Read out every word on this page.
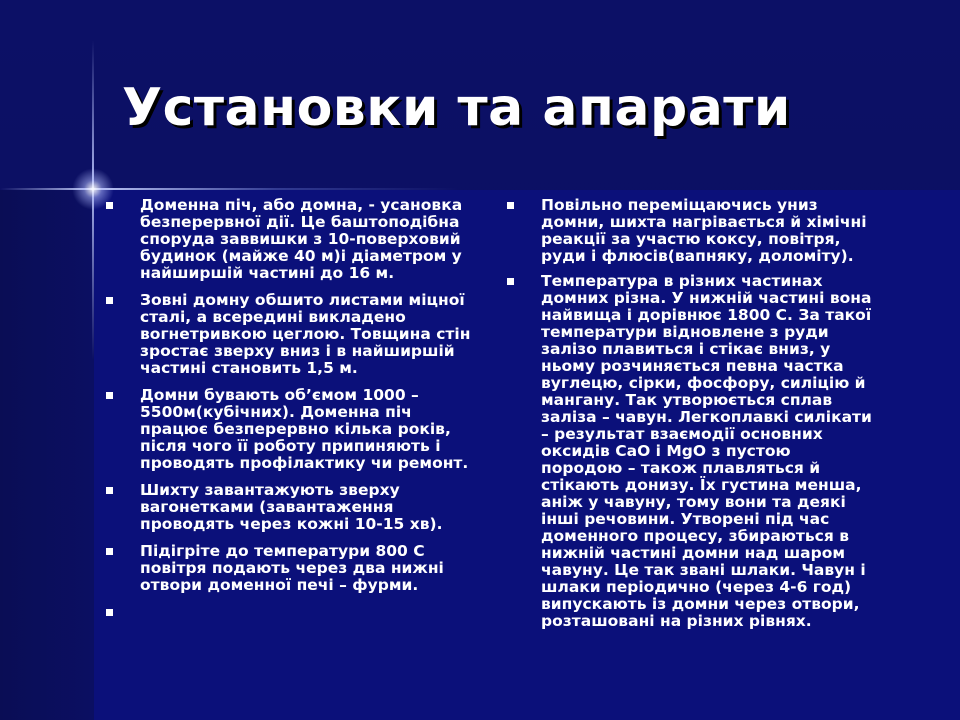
Установки та апарати
Доменна піч, або домна, - усановка безперервної дії. Це баштоподібна споруда заввишки з 10-поверховий будинок (майже 40 м)і діаметром у найширшій частині до 16 м.
Зовні домну обшито листами міцної сталі, а всередині викладено вогнетривкою цеглою. Товщина стін зростає зверху вниз і в найширшій частині становить 1,5 м.
Домни бувають об’ємом 1000 – 5500м(кубічних). Доменна піч працює безперервно кілька років, після чого її роботу припиняють і проводять профілактику чи ремонт.
Шихту завантажують зверху вагонетками (завантаження проводять через кожні 10-15 хв).
Підігріте до температури 800 С повітря подають через два нижні отвори доменної печі – фурми.

Повільно переміщаючись униз домни, шихта нагрівається й хімічні реакції за участю коксу, повітря, руди і флюсів(вапняку, доломіту).
Температура в різних частинах домних різна. У нижній частині вона найвища і дорівнює 1800 С. За такої температури відновлене з руди залізо плавиться і стікає вниз, у ньому розчиняється певна частка вуглецю, сірки, фосфору, силіцію й мангану. Так утворюється сплав заліза – чавун. Легкоплавкі силікати – результат взаємодії основних оксидів CaO і MgO з пустою породою – також плавляться й стікають донизу. Їх густина менша, аніж у чавуну, тому вони та деякі інші речовини. Утворені під час доменного процесу, збираються в нижній частині домни над шаром чавуну. Це так звані шлаки. Чавун і шлаки періодично (через 4-6 год) випускають із домни через отвори, розташовані на різних рівнях.
